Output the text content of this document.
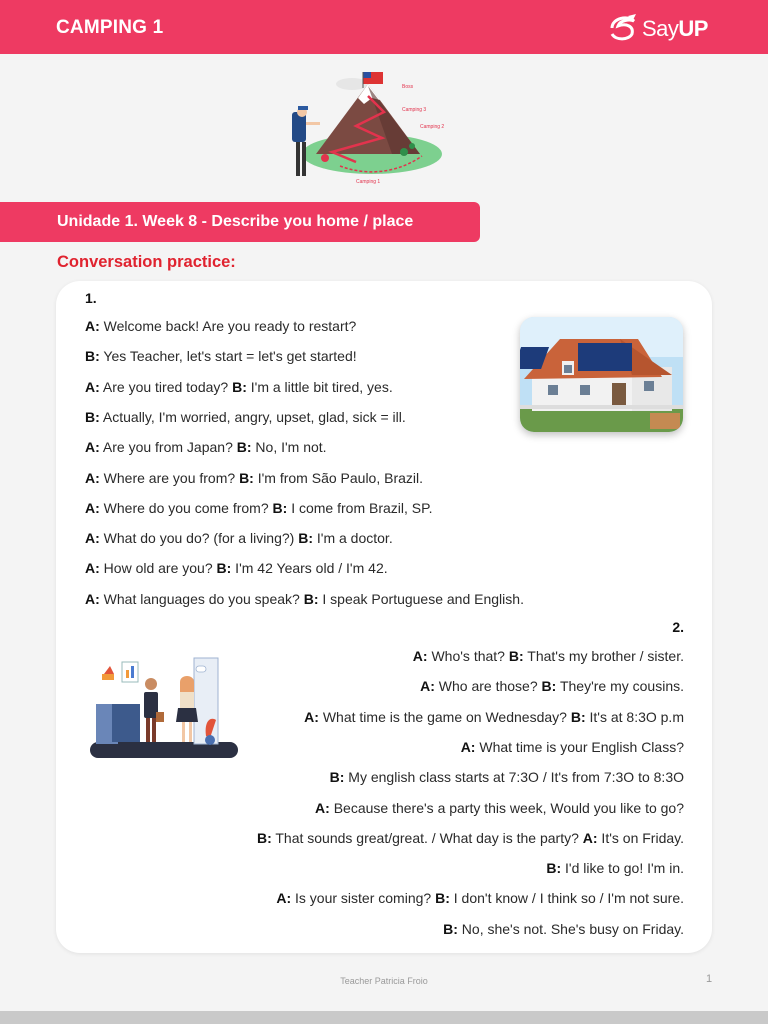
CAMPING 1	SayUP
Boss
Camping 3
Camping 2
Camping 1
Unidade 1. Week 8 - Describe you home / place
Conversation practice:
1.
A: Welcome back! Are you ready to restart?
B: Yes Teacher, let's start = let's get started!
A: Are you tired today? B: I'm a little bit tired, yes.
B: Actually, I'm worried, angry, upset, glad, sick = ill.
A: Are you from Japan? B: No, I'm not.
A: Where are you from? B: I'm from São Paulo, Brazil.
A: Where do you come from? B: I come from Brazil, SP.
A: What do you do? (for a living?) B: I'm a doctor.
A: How old are you? B: I'm 42 Years old / I'm 42.
A: What languages do you speak? B: I speak Portuguese and English.
2.
A: Who's that? B: That's my brother / sister.
A: Who are those? B: They're my cousins.
A: What time is the game on Wednesday? B: It's at 8:3O p.m
A: What time is your English Class?
B: My english class starts at 7:3O / It's from 7:3O to 8:3O
A: Because there's a party this week, Would you like to go?
B: That sounds great/great. / What day is the party? A: It's on Friday.
B: I'd like to go! I'm in.
A: Is your sister coming? B: I don't know / I think so / I'm not sure.
B: No, she's not. She's busy on Friday.
Teacher Patricia Froio	1
